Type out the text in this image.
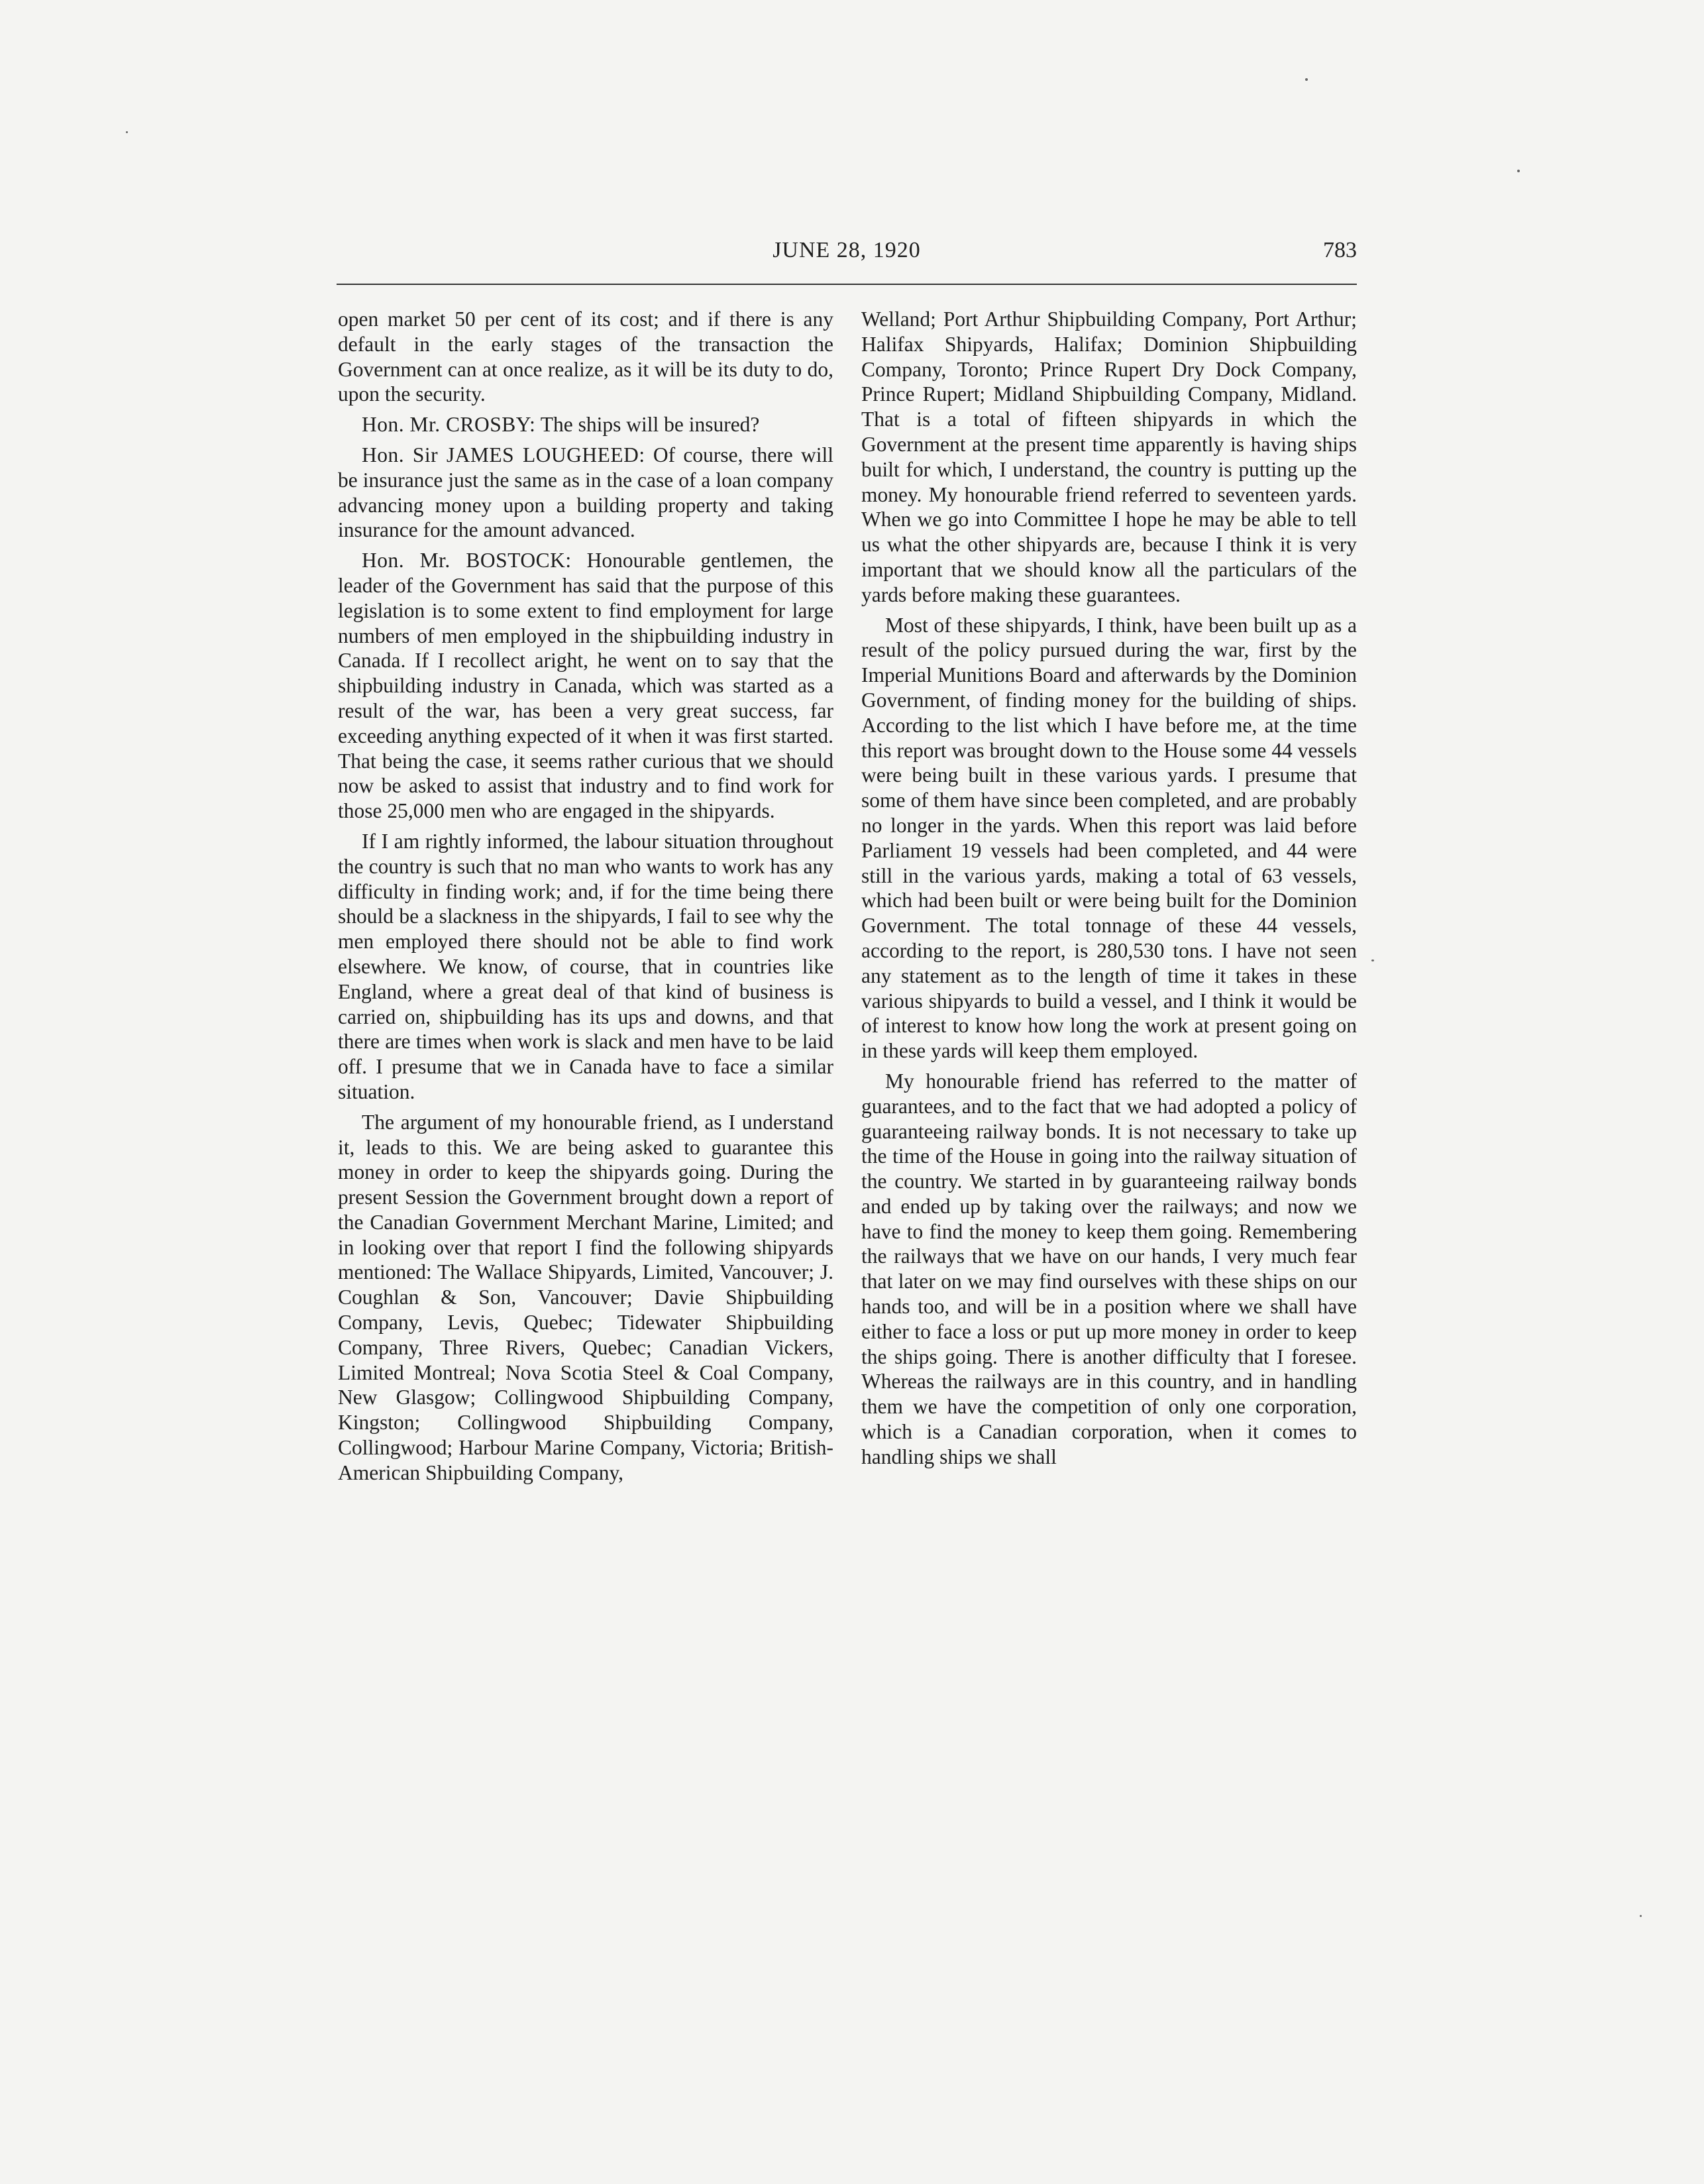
JUNE 28, 1920	783

open market 50 per cent of its cost; and if there is any default in the early stages of the transaction the Government can at once realize, as it will be its duty to do, upon the security.

Hon. Mr. CROSBY: The ships will be insured?

Hon. Sir JAMES LOUGHEED: Of course, there will be insurance just the same as in the case of a loan company advancing money upon a building property and taking insurance for the amount advanced.

Hon. Mr. BOSTOCK: Honourable gentlemen, the leader of the Government has said that the purpose of this legislation is to some extent to find employment for large numbers of men employed in the shipbuilding industry in Canada. If I recollect aright, he went on to say that the shipbuilding industry in Canada, which was started as a result of the war, has been a very great success, far exceeding anything expected of it when it was first started. That being the case, it seems rather curious that we should now be asked to assist that industry and to find work for those 25,000 men who are engaged in the shipyards.

If I am rightly informed, the labour situation throughout the country is such that no man who wants to work has any difficulty in finding work; and, if for the time being there should be a slackness in the shipyards, I fail to see why the men employed there should not be able to find work elsewhere. We know, of course, that in countries like England, where a great deal of that kind of business is carried on, shipbuilding has its ups and downs, and that there are times when work is slack and men have to be laid off. I presume that we in Canada have to face a similar situation.

The argument of my honourable friend, as I understand it, leads to this. We are being asked to guarantee this money in order to keep the shipyards going. During the present Session the Government brought down a report of the Canadian Government Merchant Marine, Limited; and in looking over that report I find the following shipyards mentioned: The Wallace Shipyards, Limited, Vancouver; J. Coughlan & Son, Vancouver; Davie Shipbuilding Company, Levis, Quebec; Tidewater Shipbuilding Company, Three Rivers, Quebec; Canadian Vickers, Limited Montreal; Nova Scotia Steel & Coal Company, New Glasgow; Collingwood Shipbuilding Company, Kingston; Collingwood Shipbuilding Company, Collingwood; Harbour Marine Company, Victoria; British-American Shipbuilding Company,

Welland; Port Arthur Shipbuilding Company, Port Arthur; Halifax Shipyards, Halifax; Dominion Shipbuilding Company, Toronto; Prince Rupert Dry Dock Company, Prince Rupert; Midland Shipbuilding Company, Midland. That is a total of fifteen shipyards in which the Government at the present time apparently is having ships built for which, I understand, the country is putting up the money. My honourable friend referred to seventeen yards. When we go into Committee I hope he may be able to tell us what the other shipyards are, because I think it is very important that we should know all the particulars of the yards before making these guarantees.

Most of these shipyards, I think, have been built up as a result of the policy pursued during the war, first by the Imperial Munitions Board and afterwards by the Dominion Government, of finding money for the building of ships. According to the list which I have before me, at the time this report was brought down to the House some 44 vessels were being built in these various yards. I presume that some of them have since been completed, and are probably no longer in the yards. When this report was laid before Parliament 19 vessels had been completed, and 44 were still in the various yards, making a total of 63 vessels, which had been built or were being built for the Dominion Government. The total tonnage of these 44 vessels, according to the report, is 280,530 tons. I have not seen any statement as to the length of time it takes in these various shipyards to build a vessel, and I think it would be of interest to know how long the work at present going on in these yards will keep them employed.

My honourable friend has referred to the matter of guarantees, and to the fact that we had adopted a policy of guaranteeing railway bonds. It is not necessary to take up the time of the House in going into the railway situation of the country. We started in by guaranteeing railway bonds and ended up by taking over the railways; and now we have to find the money to keep them going. Remembering the railways that we have on our hands, I very much fear that later on we may find ourselves with these ships on our hands too, and will be in a position where we shall have either to face a loss or put up more money in order to keep the ships going. There is another difficulty that I foresee. Whereas the railways are in this country, and in handling them we have the competition of only one corporation, which is a Canadian corporation, when it comes to handling ships we shall
